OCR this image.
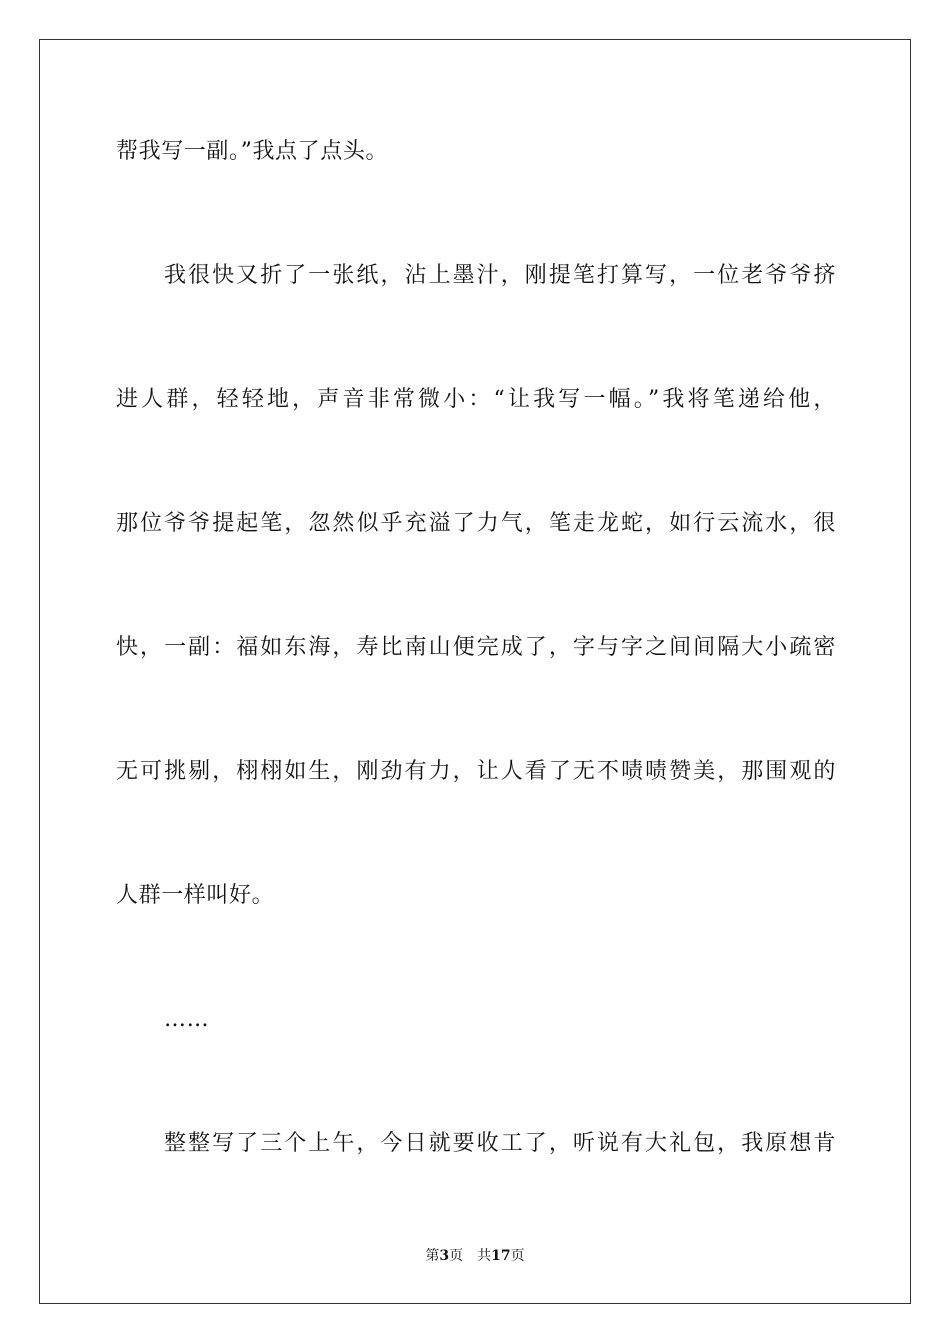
帮我写一副。”我点了点头。
我很快又折了一张纸，沾上墨汁，刚提笔打算写，一位老爷爷挤
进人群，轻轻地，声音非常微小：“让我写一幅。”我将笔递给他，
那位爷爷提起笔，忽然似乎充溢了力气，笔走龙蛇，如行云流水，很
快，一副：福如东海，寿比南山便完成了，字与字之间间隔大小疏密
无可挑剔，栩栩如生，刚劲有力，让人看了无不啧啧赞美，那围观的
人群一样叫好。
……
整整写了三个上午，今日就要收工了，听说有大礼包，我原想肯
第3页 共17页
